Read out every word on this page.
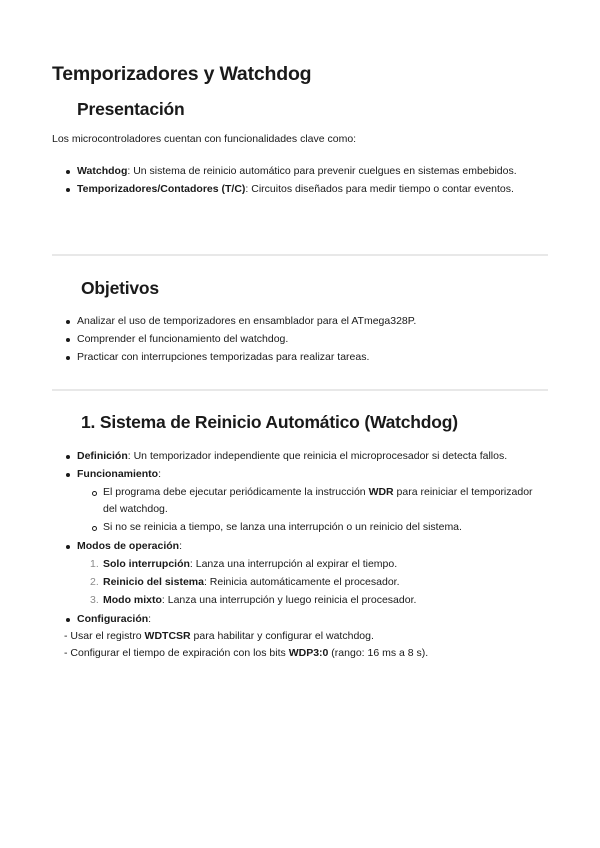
Temporizadores y Watchdog
Presentación

Los microcontroladores cuentan con funcionalidades clave como:

Watchdog: Un sistema de reinicio automático para prevenir cuelgues en sistemas embebidos.
Temporizadores/Contadores (T/C): Circuitos diseñados para medir tiempo o contar eventos.
Objetivos
Analizar el uso de temporizadores en ensamblador para el ATmega328P.
Comprender el funcionamiento del watchdog.
Practicar con interrupciones temporizadas para realizar tareas.
1. Sistema de Reinicio Automático (Watchdog)
Definición: Un temporizador independiente que reinicia el microprocesador si detecta fallos.
Funcionamiento:
El programa debe ejecutar periódicamente la instrucción WDR para reiniciar el temporizador del watchdog.
Si no se reinicia a tiempo, se lanza una interrupción o un reinicio del sistema.
Modos de operación:
1. Solo interrupción: Lanza una interrupción al expirar el tiempo.
2. Reinicio del sistema: Reinicia automáticamente el procesador.
3. Modo mixto: Lanza una interrupción y luego reinicia el procesador.
Configuración:
- Usar el registro WDTCSR para habilitar y configurar el watchdog.
- Configurar el tiempo de expiración con los bits WDP3:0 (rango: 16 ms a 8 s).
